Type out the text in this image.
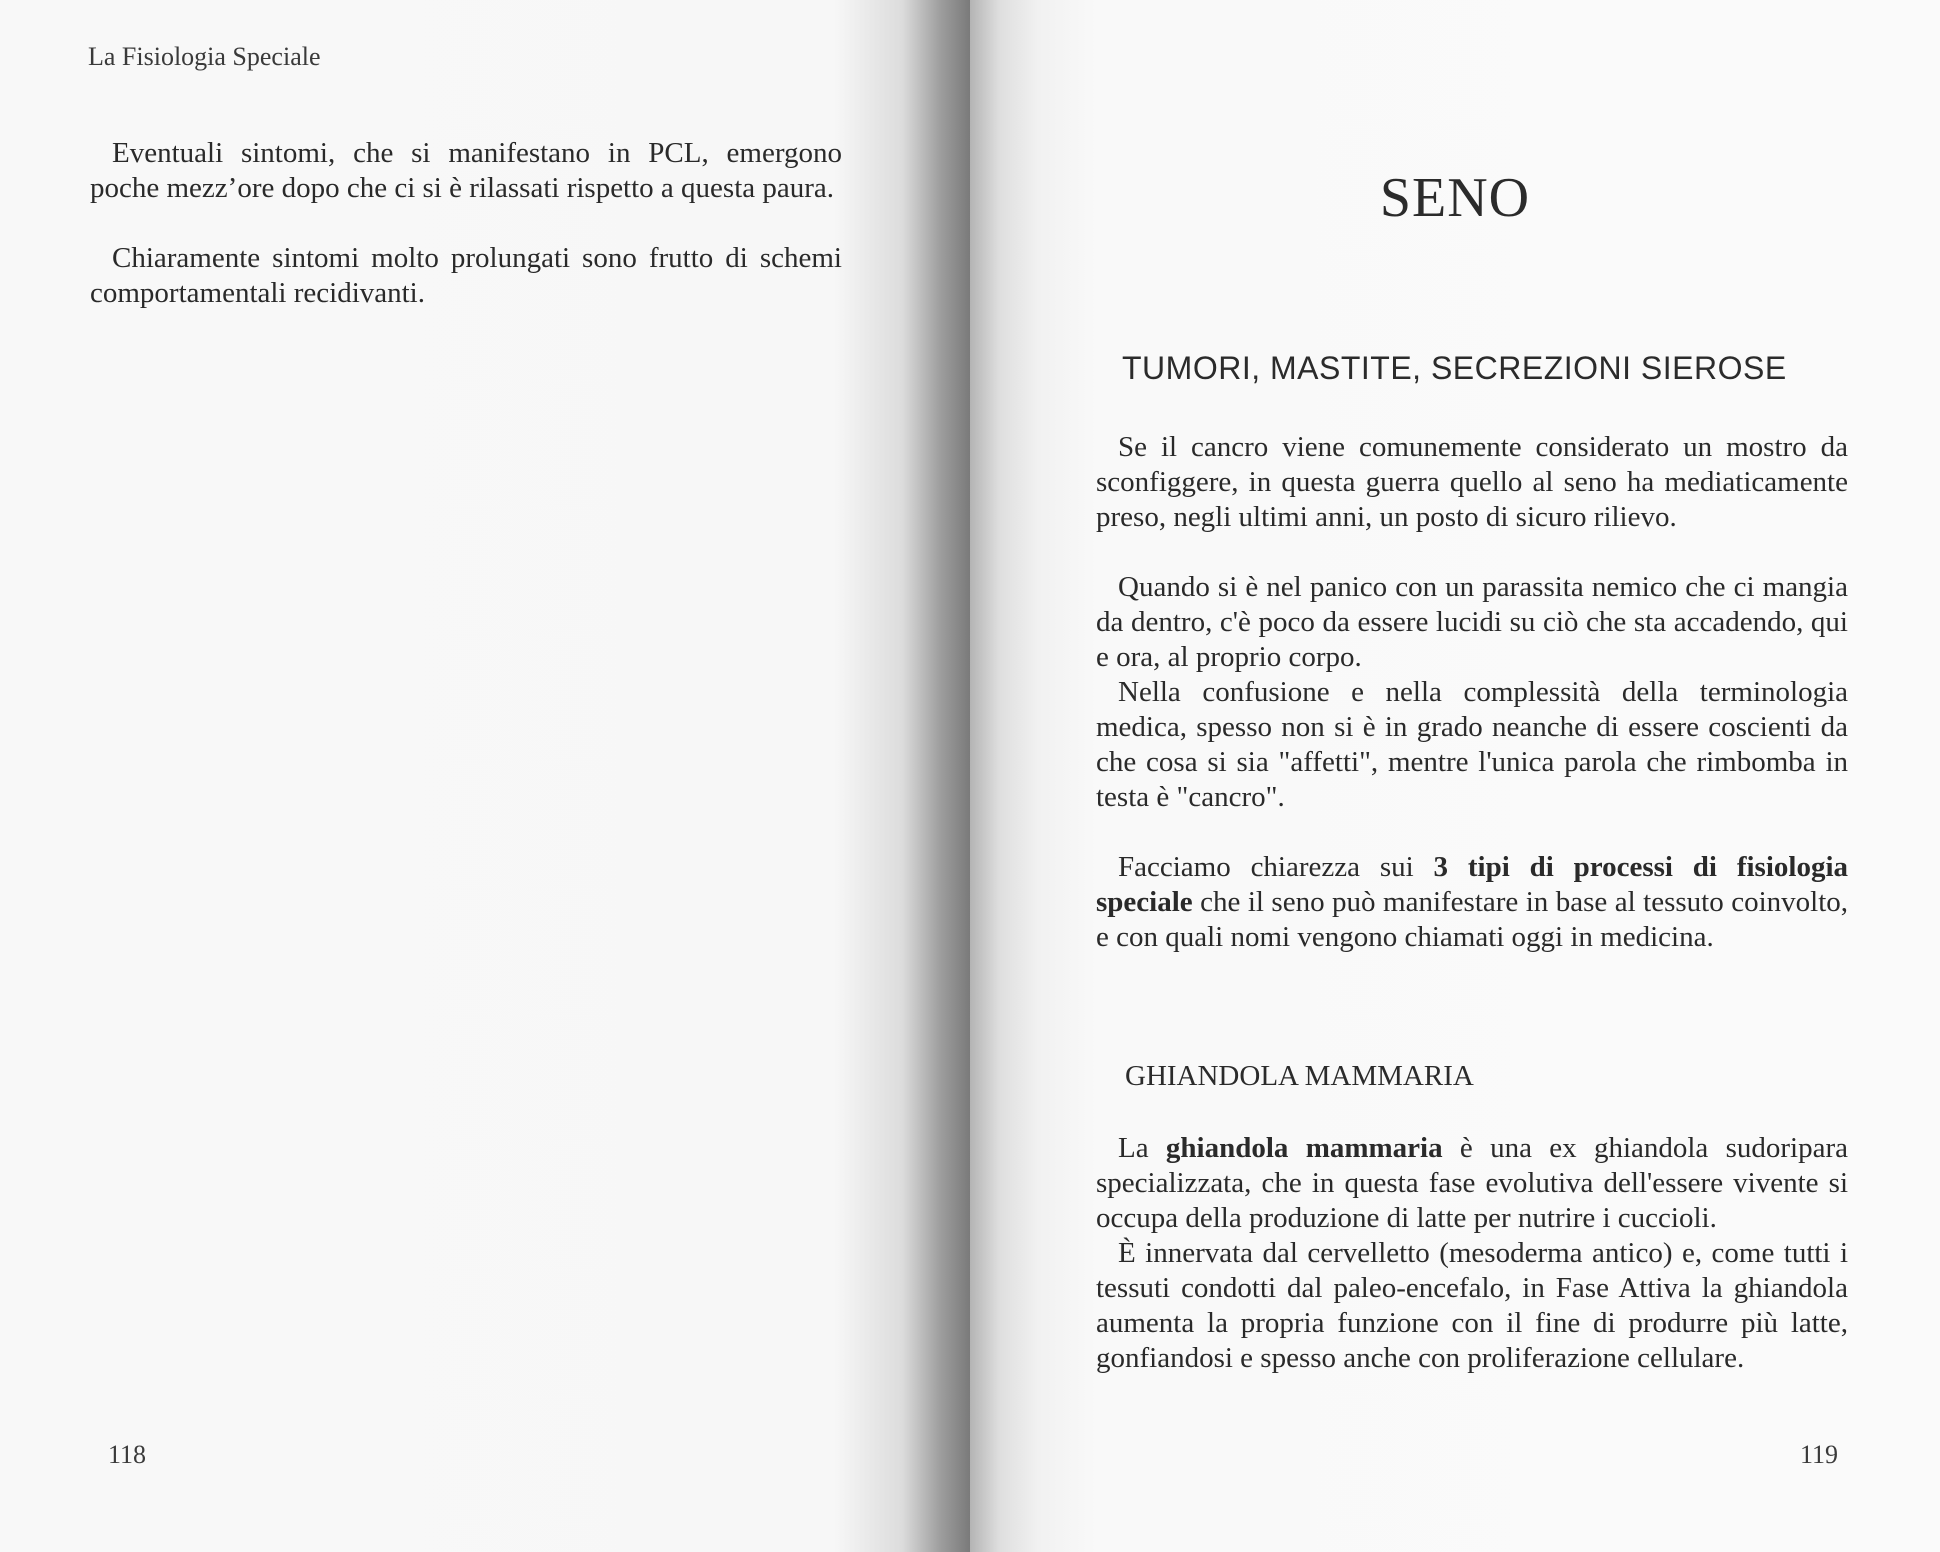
La Fisiologia Speciale

Eventuali sintomi, che si manifestano in PCL, emergono poche mezz’ore dopo che ci si è rilassati rispetto a questa paura.

Chiaramente sintomi molto prolungati sono frutto di schemi comportamentali recidivanti.

118

SENO
TUMORI, MASTITE, SECREZIONI SIEROSE

Se il cancro viene comunemente considerato un mostro da sconfiggere, in questa guerra quello al seno ha mediaticamente preso, negli ultimi anni, un posto di sicuro rilievo.

Quando si è nel panico con un parassita nemico che ci mangia da dentro, c'è poco da essere lucidi su ciò che sta accadendo, qui e ora, al proprio corpo.

Nella confusione e nella complessità della terminologia medica, spesso non si è in grado neanche di essere coscienti da che cosa si sia "affetti", mentre l'unica parola che rimbomba in testa è "cancro".

Facciamo chiarezza sui 3 tipi di processi di fisiologia speciale che il seno può manifestare in base al tessuto coinvolto, e con quali nomi vengono chiamati oggi in medicina.

GHIANDOLA MAMMARIA

La ghiandola mammaria è una ex ghiandola sudoripara specializzata, che in questa fase evolutiva dell'essere vivente si occupa della produzione di latte per nutrire i cuccioli.

È innervata dal cervelletto (mesoderma antico) e, come tutti i tessuti condotti dal paleo-encefalo, in Fase Attiva la ghiandola aumenta la propria funzione con il fine di produrre più latte, gonfiandosi e spesso anche con proliferazione cellulare.

119
